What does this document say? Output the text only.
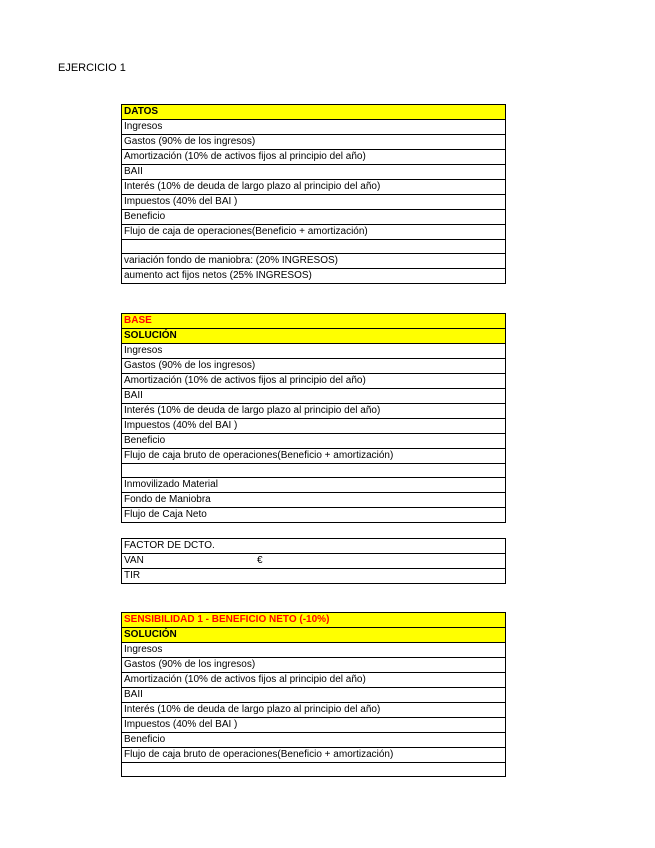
EJERCICIO 1
DATOS
Ingresos
Gastos (90% de los ingresos)
Amortización (10% de activos fijos al principio del año)
BAII
Interés (10% de deuda de largo plazo al principio del año)
Impuestos (40% del BAI )
Beneficio
Flujo de caja de operaciones(Beneficio + amortización)

variación fondo de maniobra: (20% INGRESOS)
aumento act fijos netos (25% INGRESOS)
BASE
SOLUCIÓN
Ingresos
Gastos (90% de los ingresos)
Amortización (10% de activos fijos al principio del año)
BAII
Interés (10% de deuda de largo plazo al principio del año)
Impuestos (40% del BAI )
Beneficio
Flujo de caja bruto de operaciones(Beneficio + amortización)

Inmovilizado Material
Fondo de Maniobra
Flujo de Caja Neto
FACTOR DE DCTO.
VAN	€

TIR
SENSIBILIDAD 1 - BENEFICIO NETO (-10%)
SOLUCIÓN
Ingresos
Gastos (90% de los ingresos)
Amortización (10% de activos fijos al principio del año)
BAII
Interés (10% de deuda de largo plazo al principio del año)
Impuestos (40% del BAI )
Beneficio
Flujo de caja bruto de operaciones(Beneficio + amortización)
